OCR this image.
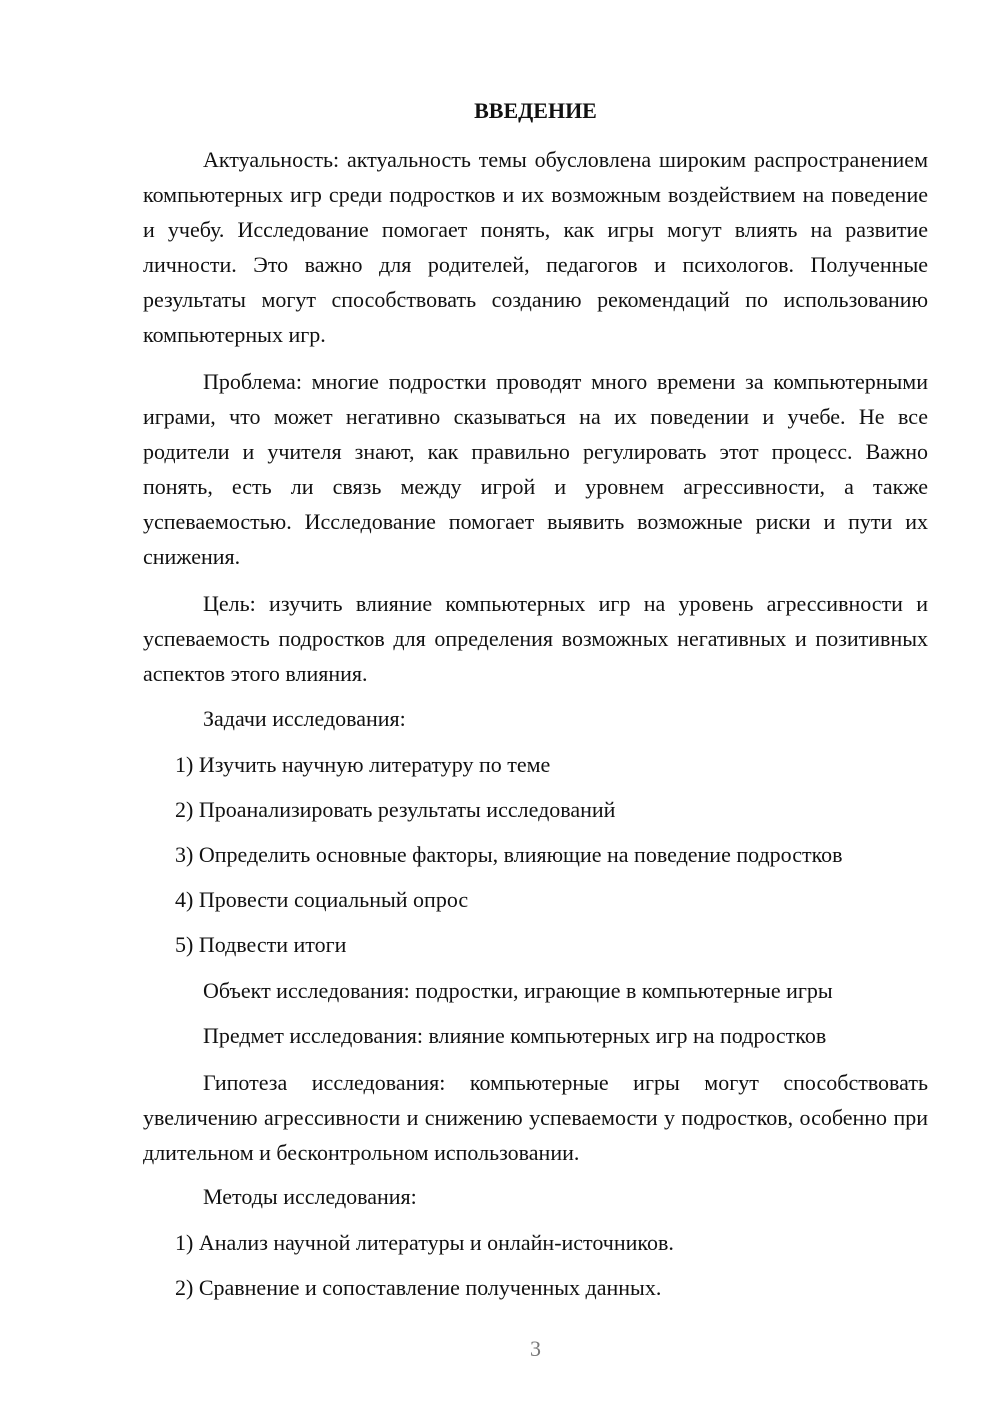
ВВЕДЕНИЕ

Актуальность: актуальность темы обусловлена широким распространением компьютерных игр среди подростков и их возможным воздействием на поведение и учебу. Исследование помогает понять, как игры могут влиять на развитие личности. Это важно для родителей, педагогов и психологов. Полученные результаты могут способствовать созданию рекомендаций по использованию компьютерных игр.

Проблема: многие подростки проводят много времени за компьютерными играми, что может негативно сказываться на их поведении и учебе. Не все родители и учителя знают, как правильно регулировать этот процесс. Важно понять, есть ли связь между игрой и уровнем агрессивности, а также успеваемостью. Исследование помогает выявить возможные риски и пути их снижения.

Цель: изучить влияние компьютерных игр на уровень агрессивности и успеваемость подростков для определения возможных негативных и позитивных аспектов этого влияния.

Задачи исследования:

1) Изучить научную литературу по теме

2) Проанализировать результаты исследований

3) Определить основные факторы, влияющие на поведение подростков

4) Провести социальный опрос

5) Подвести итоги

Объект исследования: подростки, играющие в компьютерные игры

Предмет исследования: влияние компьютерных игр на подростков

Гипотеза исследования: компьютерные игры могут способствовать увеличению агрессивности и снижению успеваемости у подростков, особенно при длительном и бесконтрольном использовании.

Методы исследования:

1) Анализ научной литературы и онлайн-источников.

2) Сравнение и сопоставление полученных данных.

3
